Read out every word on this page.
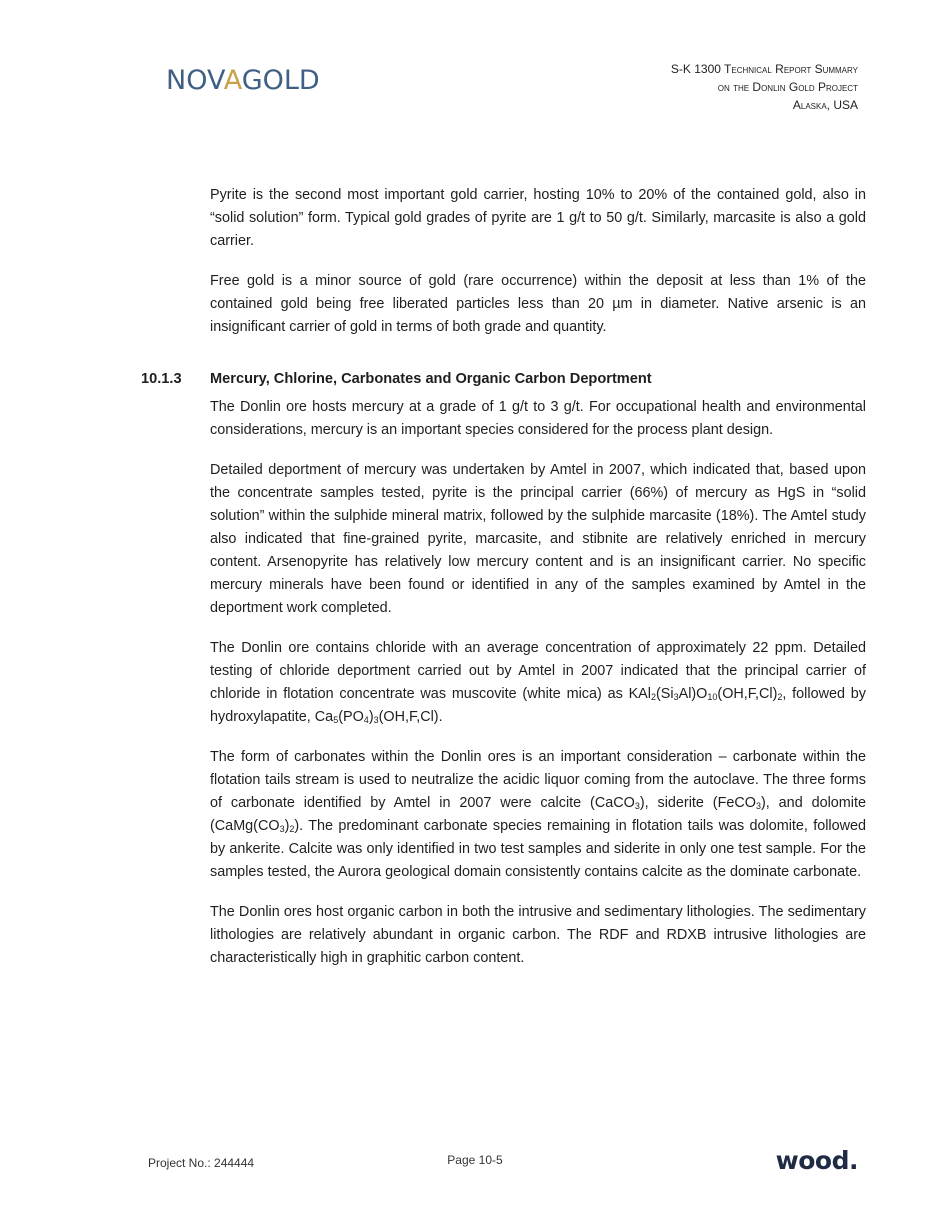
NOVAGOLD	S-K 1300 Technical Report Summary
on the Donlin Gold Project
Alaska, USA

Pyrite is the second most important gold carrier, hosting 10% to 20% of the contained gold, also in “solid solution” form. Typical gold grades of pyrite are 1 g/t to 50 g/t. Similarly, marcasite is also a gold carrier.

Free gold is a minor source of gold (rare occurrence) within the deposit at less than 1% of the contained gold being free liberated particles less than 20 µm in diameter. Native arsenic is an insignificant carrier of gold in terms of both grade and quantity.

The Donlin ore hosts mercury at a grade of 1 g/t to 3 g/t. For occupational health and environmental considerations, mercury is an important species considered for the process plant design.

Detailed deportment of mercury was undertaken by Amtel in 2007, which indicated that, based upon the concentrate samples tested, pyrite is the principal carrier (66%) of mercury as HgS in “solid solution” within the sulphide mineral matrix, followed by the sulphide marcasite (18%). The Amtel study also indicated that fine-grained pyrite, marcasite, and stibnite are relatively enriched in mercury content. Arsenopyrite has relatively low mercury content and is an insignificant carrier. No specific mercury minerals have been found or identified in any of the samples examined by Amtel in the deportment work completed.

The Donlin ore contains chloride with an average concentration of approximately 22 ppm. Detailed testing of chloride deportment carried out by Amtel in 2007 indicated that the principal carrier of chloride in flotation concentrate was muscovite (white mica) as $KAl_2(Si_3Al)O_{10}(OH,F,Cl)_2$, followed by hydroxylapatite, $Ca_5(PO_4)_3(OH,F,Cl)$.

The form of carbonates within the Donlin ores is an important consideration – carbonate within the flotation tails stream is used to neutralize the acidic liquor coming from the autoclave. The three forms of carbonate identified by Amtel in 2007 were calcite (CaCO$_3$), siderite (FeCO$_3$), and dolomite $(CaMg(CO_3)_2)$. The predominant carbonate species remaining in flotation tails was dolomite, followed by ankerite. Calcite was only identified in two test samples and siderite in only one test sample. For the samples tested, the Aurora geological domain consistently contains calcite as the dominate carbonate.

The Donlin ores host organic carbon in both the intrusive and sedimentary lithologies. The sedimentary lithologies are relatively abundant in organic carbon. The RDF and RDXB intrusive lithologies are characteristically high in graphitic carbon content.

10.1.3 Mercury, Chlorine, Carbonates and Organic Carbon Deportment
Project No.: 244444	Page 10-5	wood.
